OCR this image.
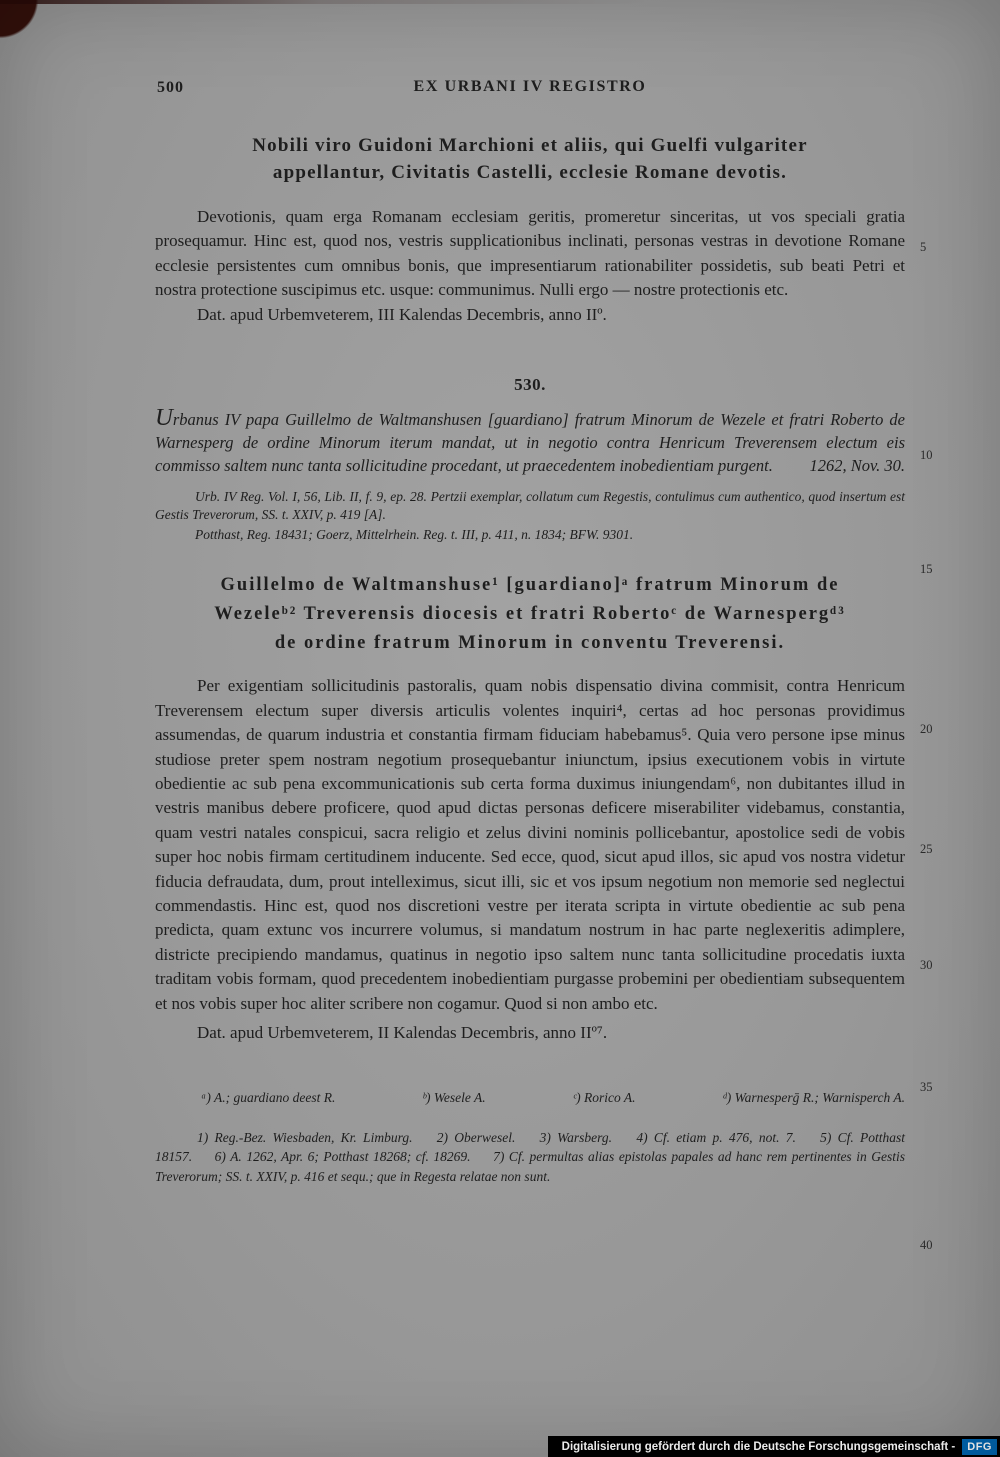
500	EX URBANI IV REGISTRO
Nobili viro Guidoni Marchioni et aliis, qui Guelfi vulgariter
appellantur, Civitatis Castelli, ecclesie Romane devotis.

Devotionis, quam erga Romanam ecclesiam geritis, promeretur sinceritas, ut vos speciali gratia prosequamur. Hinc est, quod nos, vestris supplicationibus inclinati, personas vestras in devotione Romane ecclesie persistentes cum omnibus bonis, que impresentiarum rationabiliter possidetis, sub beati Petri et nostra protectione suscipimus etc. usque: communimus. Nulli ergo — nostre protectionis etc.

Dat. apud Urbemveterem, III Kalendas Decembris, anno IIº.

530.
Urbanus IV papa Guillelmo de Waltmanshusen [guardiano] fratrum Minorum de Wezele et fratri Roberto de Warnesperg de ordine Minorum iterum mandat, ut in negotio contra Henricum Treverensem electum eis commisso saltem nunc tanta sollicitudine procedant, ut praecedentem inobedientiam purgent. 1262, Nov. 30.

Urb. IV Reg. Vol. I, 56, Lib. II, f. 9, ep. 28. Pertzii exemplar, collatum cum Regestis, contulimus cum authentico, quod insertum est Gestis Treverorum, SS. t. XXIV, p. 419 [A].

Potthast, Reg. 18431; Goerz, Mittelrhein. Reg. t. III, p. 411, n. 1834; BFW. 9301.

Guillelmo de Waltmanshuse¹ [guardiano]ᵃ fratrum Minorum de
Wezeleᵇ² Treverensis diocesis et fratri Robertoᶜ de Warnespergᵈ³
de ordine fratrum Minorum in conventu Treverensi.

Per exigentiam sollicitudinis pastoralis, quam nobis dispensatio divina commisit, contra Henricum Treverensem electum super diversis articulis volentes inquiri⁴, certas ad hoc personas providimus assumendas, de quarum industria et constantia firmam fiduciam habebamus⁵. Quia vero persone ipse minus studiose preter spem nostram negotium prosequebantur iniunctum, ipsius executionem vobis in virtute obedientie ac sub pena excommunicationis sub certa forma duximus iniungendam⁶, non dubitantes illud in vestris manibus debere proficere, quod apud dictas personas deficere miserabiliter videbamus, constantia, quam vestri natales conspicui, sacra religio et zelus divini nominis pollicebantur, apostolice sedi de vobis super hoc nobis firmam certitudinem inducente. Sed ecce, quod, sicut apud illos, sic apud vos nostra videtur fiducia defraudata, dum, prout intelleximus, sicut illi, sic et vos ipsum negotium non memorie sed neglectui commendastis. Hinc est, quod nos discretioni vestre per iterata scripta in virtute obedientie ac sub pena predicta, quam extunc vos incurrere volumus, si mandatum nostrum in hac parte neglexeritis adimplere, districte precipiendo mandamus, quatinus in negotio ipso saltem nunc tanta sollicitudine procedatis iuxta traditam vobis formam, quod precedentem inobedientiam purgasse probemini per obedientiam subsequentem et nos vobis super hoc aliter scribere non cogamur. Quod si non ambo etc.

Dat. apud Urbemveterem, II Kalendas Decembris, anno IIº⁷.

ᵃ) A.; guardiano deest R.	ᵇ) Wesele A.	ᶜ) Rorico A.	ᵈ) Warnesperḡ R.; Warnisperch A.

1) Reg.-Bez. Wiesbaden, Kr. Limburg. 2) Oberwesel. 3) Warsberg. 4) Cf. etiam p. 476, not. 7. 5) Cf. Potthast 18157. 6) A. 1262, Apr. 6; Potthast 18268; cf. 18269. 7) Cf. permultas alias epistolas papales ad hanc rem pertinentes in Gestis Treverorum; SS. t. XXIV, p. 416 et sequ.; que in Regesta relatae non sunt.

5
10
15
20
25
30
35
40
Digitalisierung gefördert durch die Deutsche Forschungsgemeinschaft -	DFG
